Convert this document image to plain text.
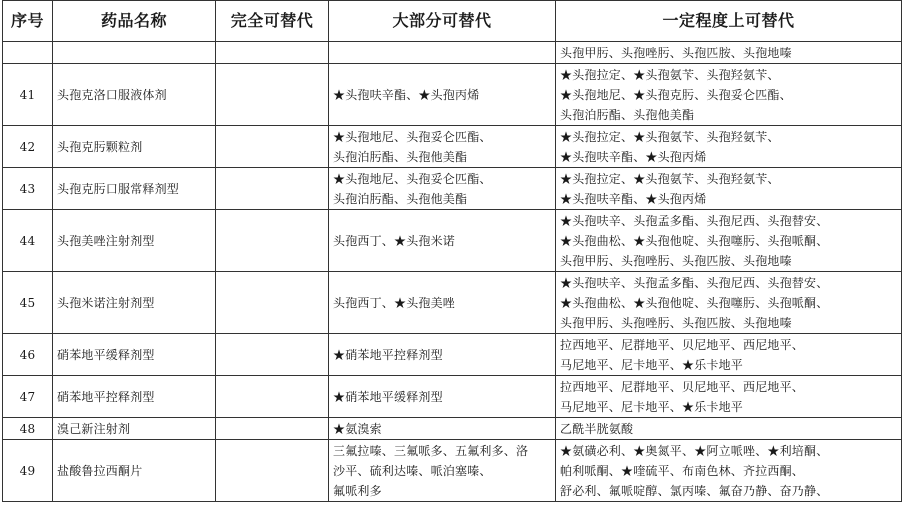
序号	药品名称	完全可替代	大部分可替代	一定程度上可替代

				头孢甲肟、头孢唑肟、头孢匹胺、头孢地嗪

41	头孢克洛口服液体剂		★头孢呋辛酯、★头孢丙烯	★头孢拉定、★头孢氨苄、头孢羟氨苄、
★头孢地尼、★头孢克肟、头孢妥仑匹酯、
头孢泊肟酯、头孢他美酯

42	头孢克肟颗粒剂		★头孢地尼、头孢妥仑匹酯、
头孢泊肟酯、头孢他美酯	★头孢拉定、★头孢氨苄、头孢羟氨苄、
★头孢呋辛酯、★头孢丙烯

43	头孢克肟口服常释剂型		★头孢地尼、头孢妥仑匹酯、
头孢泊肟酯、头孢他美酯	★头孢拉定、★头孢氨苄、头孢羟氨苄、
★头孢呋辛酯、★头孢丙烯

44	头孢美唑注射剂型		头孢西丁、★头孢米诺	★头孢呋辛、头孢孟多酯、头孢尼西、头孢替安、
★头孢曲松、★头孢他啶、头孢噻肟、头孢哌酮、
头孢甲肟、头孢唑肟、头孢匹胺、头孢地嗪

45	头孢米诺注射剂型		头孢西丁、★头孢美唑	★头孢呋辛、头孢孟多酯、头孢尼西、头孢替安、
★头孢曲松、★头孢他啶、头孢噻肟、头孢哌酮、
头孢甲肟、头孢唑肟、头孢匹胺、头孢地嗪

46	硝苯地平缓释剂型		★硝苯地平控释剂型	拉西地平、尼群地平、贝尼地平、西尼地平、
马尼地平、尼卡地平、★乐卡地平

47	硝苯地平控释剂型		★硝苯地平缓释剂型	拉西地平、尼群地平、贝尼地平、西尼地平、
马尼地平、尼卡地平、★乐卡地平

48	溴己新注射剂		★氨溴索	乙酰半胱氨酸

49	盐酸鲁拉西酮片		三氟拉嗪、三氟哌多、五氟利多、洛
沙平、硫利达嗪、哌泊塞嗪、
氟哌利多	★氨磺必利、★奥氮平、★阿立哌唑、★利培酮、
帕利哌酮、★喹硫平、布南色林、齐拉西酮、
舒必利、氟哌啶醇、氯丙嗪、氟奋乃静、奋乃静、
